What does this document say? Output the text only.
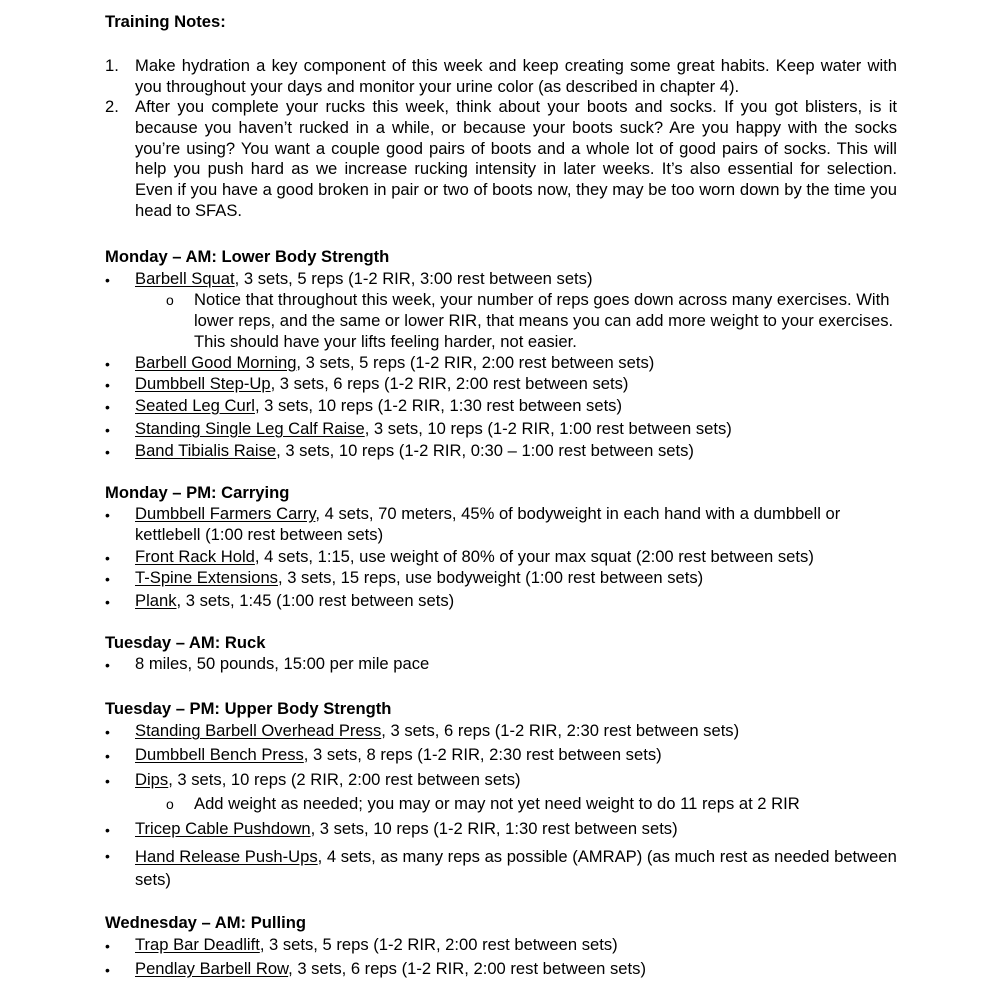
Training Notes:
1. Make hydration a key component of this week and keep creating some great habits. Keep water with you throughout your days and monitor your urine color (as described in chapter 4).
2. After you complete your rucks this week, think about your boots and socks. If you got blisters, is it because you haven’t rucked in a while, or because your boots suck? Are you happy with the socks you’re using? You want a couple good pairs of boots and a whole lot of good pairs of socks. This will help you push hard as we increase rucking intensity in later weeks. It’s also essential for selection. Even if you have a good broken in pair or two of boots now, they may be too worn down by the time you head to SFAS.
Monday – AM: Lower Body Strength
• Barbell Squat, 3 sets, 5 reps (1-2 RIR, 3:00 rest between sets)
o Notice that throughout this week, your number of reps goes down across many exercises. With lower reps, and the same or lower RIR, that means you can add more weight to your exercises. This should have your lifts feeling harder, not easier.
• Barbell Good Morning, 3 sets, 5 reps (1-2 RIR, 2:00 rest between sets)
• Dumbbell Step-Up, 3 sets, 6 reps (1-2 RIR, 2:00 rest between sets)
• Seated Leg Curl, 3 sets, 10 reps (1-2 RIR, 1:30 rest between sets)
• Standing Single Leg Calf Raise, 3 sets, 10 reps (1-2 RIR, 1:00 rest between sets)
• Band Tibialis Raise, 3 sets, 10 reps (1-2 RIR, 0:30 – 1:00 rest between sets)
Monday – PM: Carrying
• Dumbbell Farmers Carry, 4 sets, 70 meters, 45% of bodyweight in each hand with a dumbbell or kettlebell (1:00 rest between sets)
• Front Rack Hold, 4 sets, 1:15, use weight of 80% of your max squat (2:00 rest between sets)
• T-Spine Extensions, 3 sets, 15 reps, use bodyweight (1:00 rest between sets)
• Plank, 3 sets, 1:45 (1:00 rest between sets)
Tuesday – AM: Ruck
• 8 miles, 50 pounds, 15:00 per mile pace
Tuesday – PM: Upper Body Strength
• Standing Barbell Overhead Press, 3 sets, 6 reps (1-2 RIR, 2:30 rest between sets)
• Dumbbell Bench Press, 3 sets, 8 reps (1-2 RIR, 2:30 rest between sets)
• Dips, 3 sets, 10 reps (2 RIR, 2:00 rest between sets)
o Add weight as needed; you may or may not yet need weight to do 11 reps at 2 RIR
• Tricep Cable Pushdown, 3 sets, 10 reps (1-2 RIR, 1:30 rest between sets)
• Hand Release Push-Ups, 4 sets, as many reps as possible (AMRAP) (as much rest as needed between sets)
Wednesday – AM: Pulling
• Trap Bar Deadlift, 3 sets, 5 reps (1-2 RIR, 2:00 rest between sets)
• Pendlay Barbell Row, 3 sets, 6 reps (1-2 RIR, 2:00 rest between sets)
